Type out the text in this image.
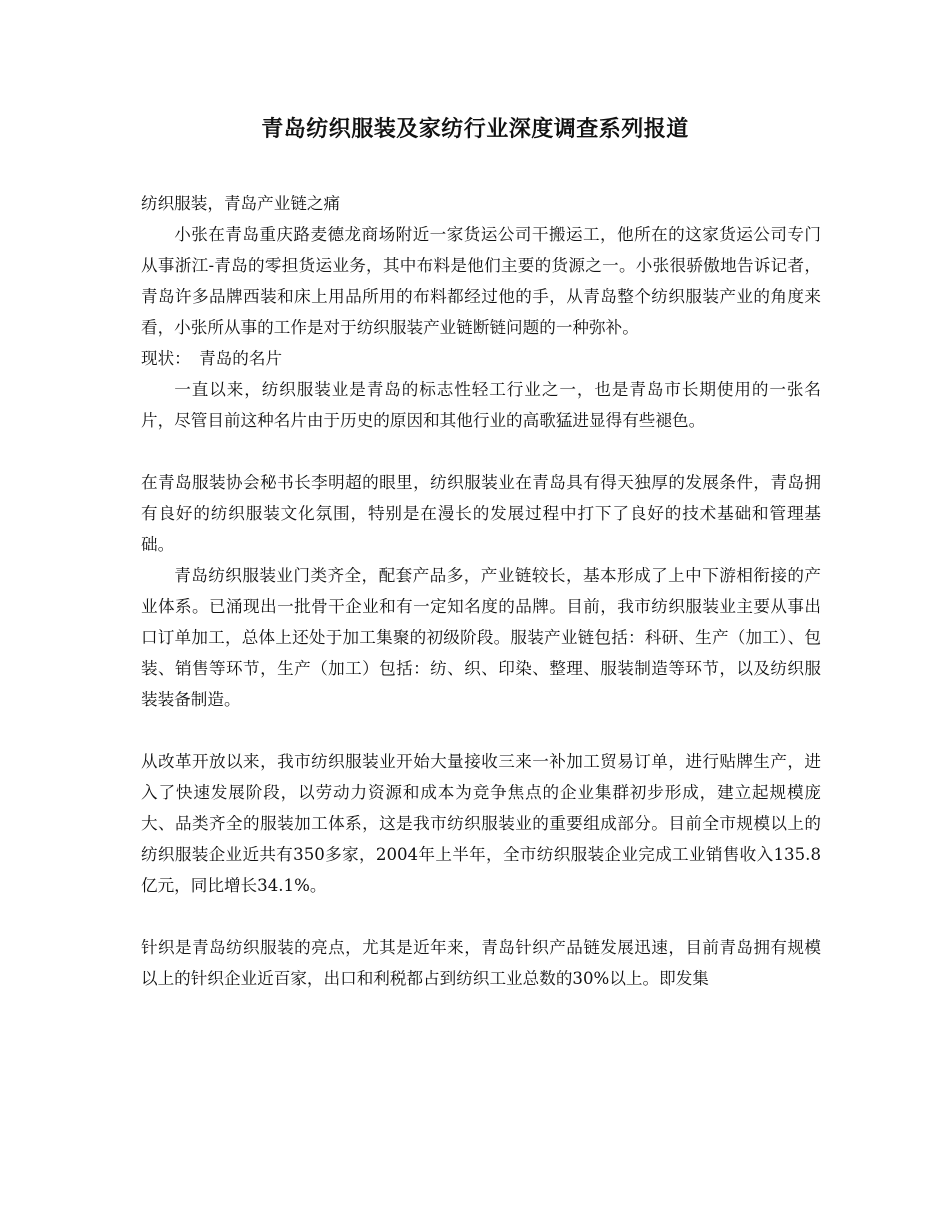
青岛纺织服装及家纺行业深度调查系列报道

纺织服装，青岛产业链之痛

小张在青岛重庆路麦德龙商场附近一家货运公司干搬运工，他所在的这家货运公司专门从事浙江-青岛的零担货运业务，其中布料是他们主要的货源之一。小张很骄傲地告诉记者，青岛许多品牌西装和床上用品所用的布料都经过他的手，从青岛整个纺织服装产业的角度来看，小张所从事的工作是对于纺织服装产业链断链问题的一种弥补。

现状：　青岛的名片

一直以来，纺织服装业是青岛的标志性轻工行业之一，也是青岛市长期使用的一张名片，尽管目前这种名片由于历史的原因和其他行业的高歌猛进显得有些褪色。

在青岛服装协会秘书长李明超的眼里，纺织服装业在青岛具有得天独厚的发展条件，青岛拥有良好的纺织服装文化氛围，特别是在漫长的发展过程中打下了良好的技术基础和管理基础。

青岛纺织服装业门类齐全，配套产品多，产业链较长，基本形成了上中下游相衔接的产业体系。已涌现出一批骨干企业和有一定知名度的品牌。目前，我市纺织服装业主要从事出口订单加工，总体上还处于加工集聚的初级阶段。服装产业链包括：科研、生产（加工）、包装、销售等环节，生产（加工）包括：纺、织、印染、整理、服装制造等环节，以及纺织服装装备制造。

从改革开放以来，我市纺织服装业开始大量接收三来一补加工贸易订单，进行贴牌生产，进入了快速发展阶段，以劳动力资源和成本为竞争焦点的企业集群初步形成，建立起规模庞大、品类齐全的服装加工体系，这是我市纺织服装业的重要组成部分。目前全市规模以上的纺织服装企业近共有350多家，2004年上半年，全市纺织服装企业完成工业销售收入135.8亿元，同比增长34.1%。

针织是青岛纺织服装的亮点，尤其是近年来，青岛针织产品链发展迅速，目前青岛拥有规模以上的针织企业近百家，出口和利税都占到纺织工业总数的30%以上。即发集
